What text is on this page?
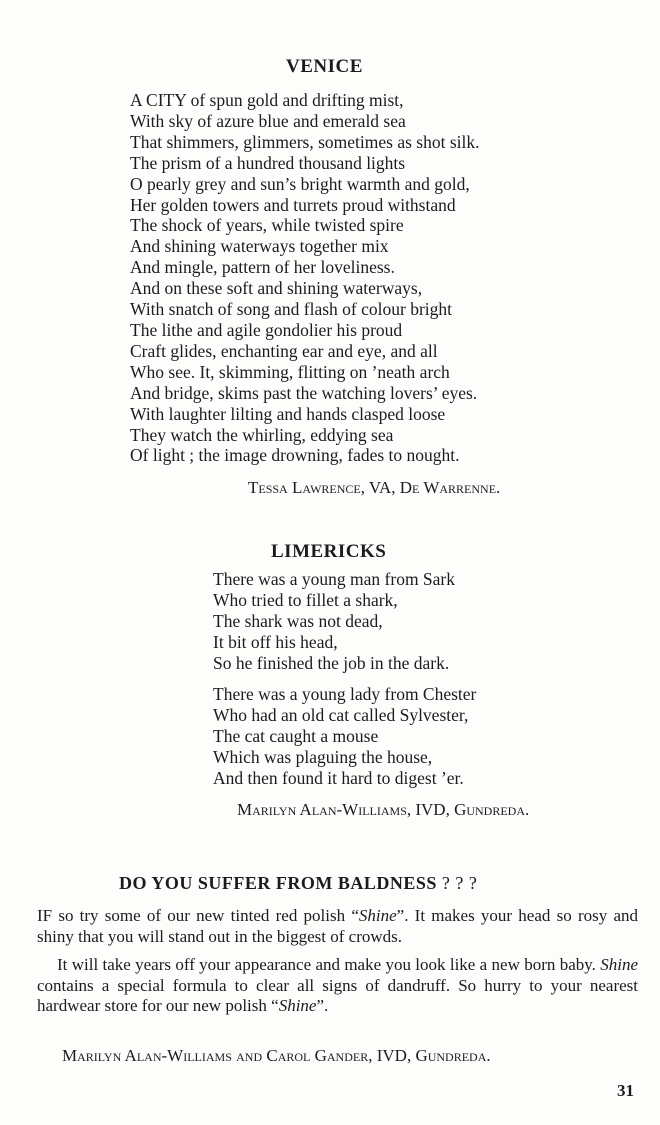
VENICE
A CITY of spun gold and drifting mist,
With sky of azure blue and emerald sea
That shimmers, glimmers, sometimes as shot silk.
The prism of a hundred thousand lights
O pearly grey and sun’s bright warmth and gold,
Her golden towers and turrets proud withstand
The shock of years, while twisted spire
And shining waterways together mix
And mingle, pattern of her loveliness.
And on these soft and shining waterways,
With snatch of song and flash of colour bright
The lithe and agile gondolier his proud
Craft glides, enchanting ear and eye, and all
Who see. It, skimming, flitting on ’neath arch
And bridge, skims past the watching lovers’ eyes.
With laughter lilting and hands clasped loose
They watch the whirling, eddying sea
Of light ; the image drowning, fades to nought.
Tessa Lawrence, VA, De Warrenne.
LIMERICKS
There was a young man from Sark
Who tried to fillet a shark,
The shark was not dead,
It bit off his head,
So he finished the job in the dark.
There was a young lady from Chester
Who had an old cat called Sylvester,
The cat caught a mouse
Which was plaguing the house,
And then found it hard to digest ’er.
Marilyn Alan-Williams, IVD, Gundreda.
DO YOU SUFFER FROM BALDNESS ? ? ?

IF so try some of our new tinted red polish “Shine”. It makes your head so rosy and shiny that you will stand out in the biggest of crowds.

It will take years off your appearance and make you look like a new born baby. Shine contains a special formula to clear all signs of dandruff. So hurry to your nearest hardwear store for our new polish “Shine”.

Marilyn Alan-Williams and Carol Gander, IVD, Gundreda.
31
